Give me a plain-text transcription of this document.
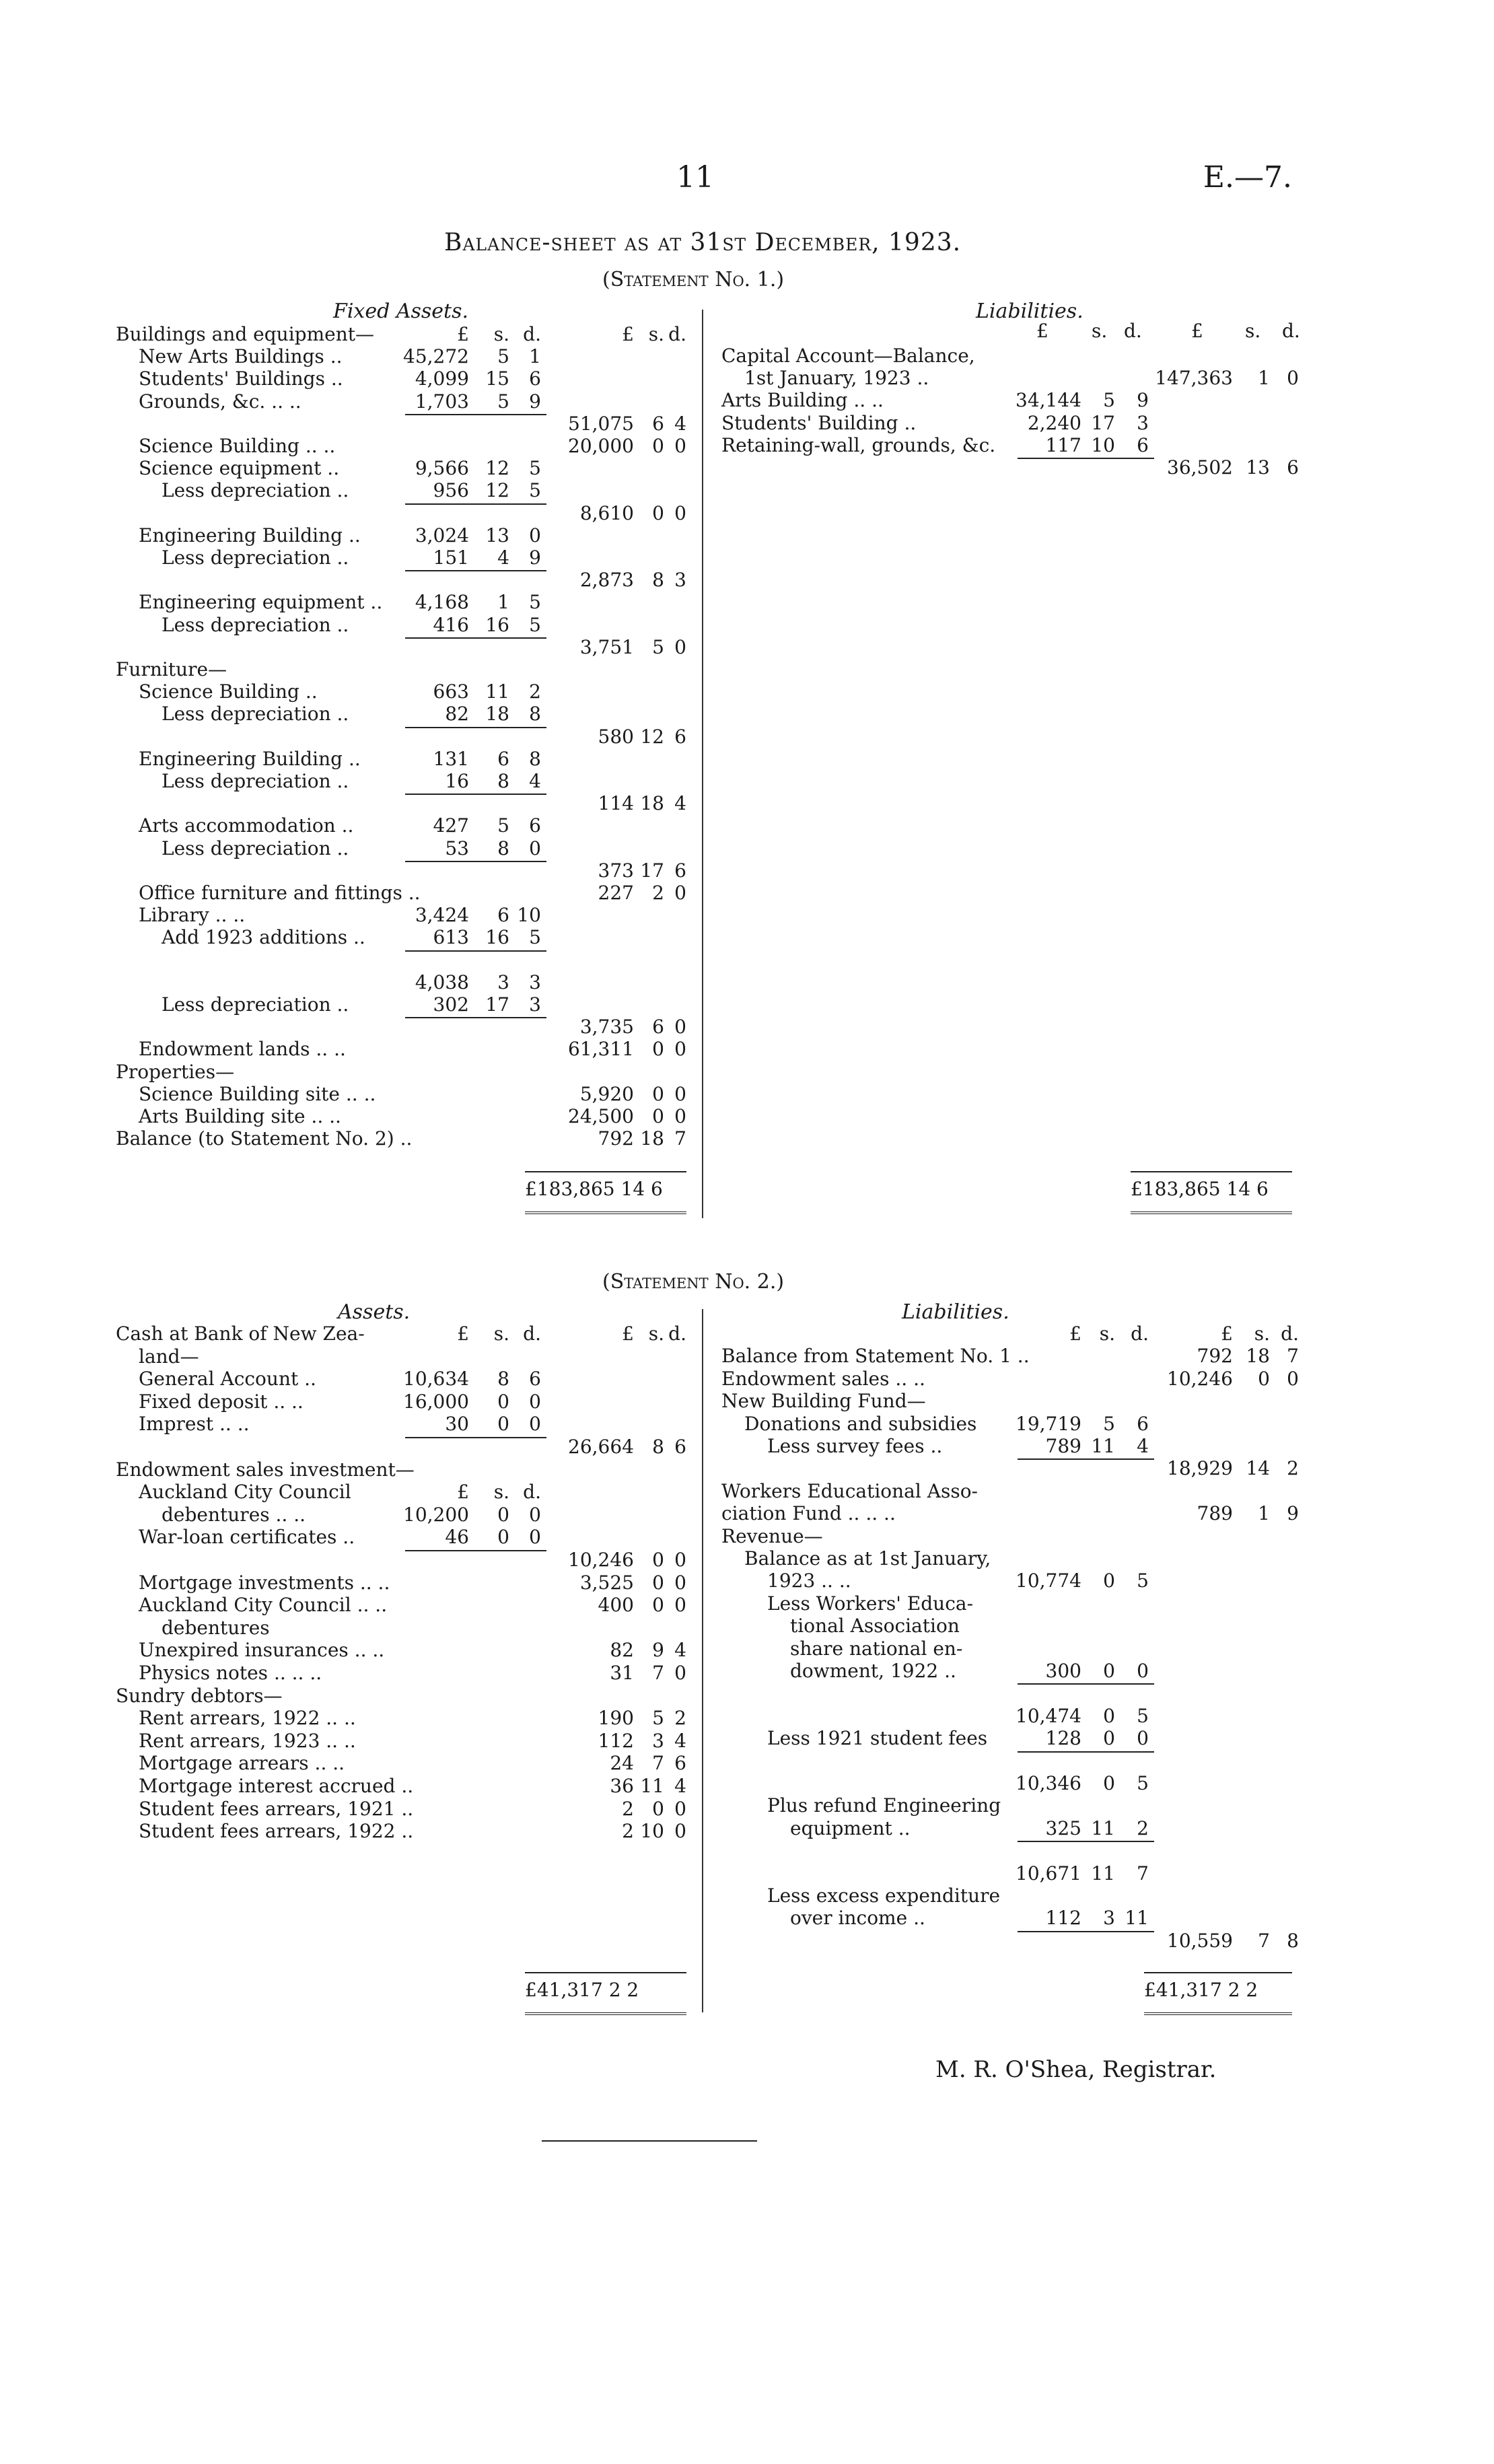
11	E.—7.
Balance-sheet as at 31st December, 1923.
(Statement No. 1.)
Fixed Assets.	Liabilities.
£ s. d.	£ s. d.
Buildings and equipment—	£ s. d.	£ s. d.
New Arts Buildings ..	45,272 5 1
Students' Buildings ..	4,099 15 6
Grounds, &c. .. ..	1,703 5 9
51,075 6 4
Science Building .. ..	20,000 0 0
Science equipment ..	9,566 12 5
Less depreciation ..	956 12 5
8,610 0 0
Engineering Building ..	3,024 13 0
Less depreciation ..	151 4 9
2,873 8 3
Engineering equipment .. 4,168 1 5
Less depreciation ..	416 16 5
3,751 5 0
Furniture—
Science Building ..	663 11 2
Less depreciation ..	82 18 8
580 12 6
Engineering Building ..	131 6 8
Less depreciation ..	16 8 4
114 18 4
Arts accommodation ..	427 5 6
Less depreciation ..	53 8 0
373 17 6
Office furniture and fittings ..	227 2 0
Library .. ..	3,424 6 10
Add 1923 additions ..	613 16 5
4,038 3 3
Less depreciation ..	302 17 3
3,735 6 0
Endowment lands .. ..	61,311 0 0
Properties—
Science Building site .. ..	5,920 0 0
Arts Building site .. ..	24,500 0 0
Balance (to Statement No. 2) ..	792 18 7
Capital Account—Balance,
1st January, 1923 ..	147,363 1 0
Arts Building .. ..	34,144 5 9
Students' Building ..	2,240 17 3
Retaining-wall, grounds, &c.	117 10 6
36,502 13 6
£183,865 14 6	£183,865 14 6
(Statement No. 2.)
Assets.	Liabilities.
Cash at Bank of New Zea-	£ s. d.	£ s. d.
land—
General Account ..	10,634 8 6
Fixed deposit .. ..	16,000 0 0
Imprest .. ..	30 0 0
26,664 8 6
Endowment sales investment—
Auckland City Council	£ s. d.
debentures .. ..	10,200 0 0
War-loan certificates ..	46 0 0
10,246 0 0
Mortgage investments .. ..	3,525 0 0
Auckland City Council .. ..	400 0 0
debentures
Unexpired insurances .. ..	82 9 4
Physics notes .. .. ..	31 7 0
Sundry debtors—
Rent arrears, 1922 .. ..	190 5 2
Rent arrears, 1923 .. ..	112 3 4
Mortgage arrears .. ..	24 7 6
Mortgage interest accrued ..	36 11 4
Student fees arrears, 1921 ..	2 0 0
Student fees arrears, 1922 ..	2 10 0
£ s. d.	£ s. d.
Balance from Statement No. 1 ..	792 18 7
Endowment sales .. ..	10,246 0 0
New Building Fund—
Donations and subsidies 19,719 5 6
Less survey fees ..	789 11 4
18,929 14 2
Workers Educational Asso-
ciation Fund .. .. ..	789 1 9
Revenue—
Balance as at 1st January,
1923 .. ..	10,774 0 5
Less Workers' Educa-
tional Association
share national en-
dowment, 1922 ..	300 0 0
10,474 0 5
Less 1921 student fees	128 0 0
10,346 0 5
Plus refund Engineering
equipment ..	325 11 2
10,671 11 7
Less excess expenditure
over income ..	112 3 11
10,559 7 8
£41,317 2 2	£41,317 2 2
M. R. O'Shea, Registrar.
